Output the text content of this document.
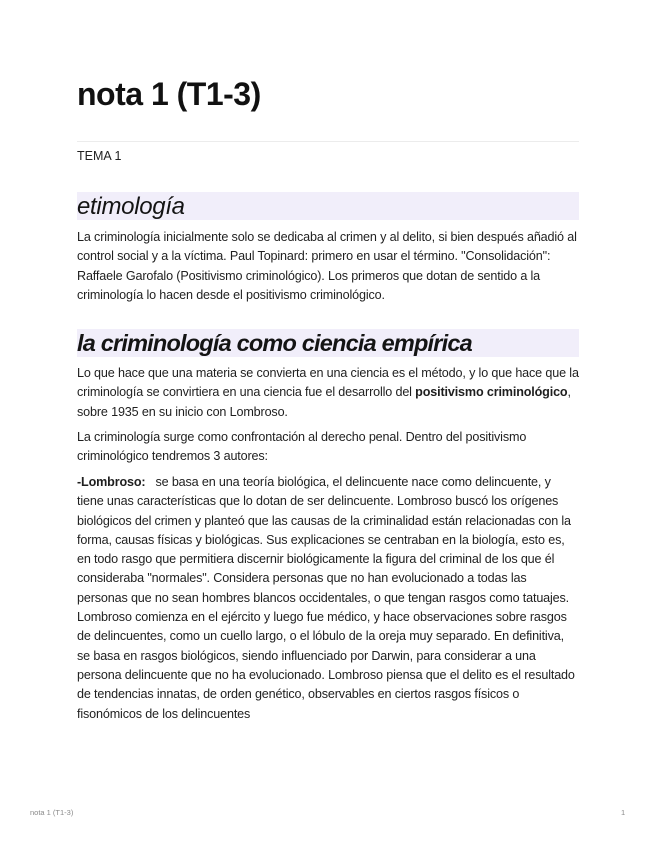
nota 1 (T1-3)
TEMA 1
etimología

La criminología inicialmente solo se dedicaba al crimen y al delito, si bien después añadió al control social y a la víctima. Paul Topinard: primero en usar el término. "Consolidación": Raffaele Garofalo (Positivismo criminológico). Los primeros que dotan de sentido a la criminología lo hacen desde el positivismo criminológico.

la criminología como ciencia empírica

Lo que hace que una materia se convierta en una ciencia es el método, y lo que hace que la criminología se convirtiera en una ciencia fue el desarrollo del positivismo criminológico, sobre 1935 en su inicio con Lombroso.

La criminología surge como confrontación al derecho penal. Dentro del positivismo criminológico tendremos 3 autores:

-Lombroso: se basa en una teoría biológica, el delincuente nace como delincuente, y tiene unas características que lo dotan de ser delincuente. Lombroso buscó los orígenes biológicos del crimen y planteó que las causas de la criminalidad están relacionadas con la forma, causas físicas y biológicas. Sus explicaciones se centraban en la biología, esto es, en todo rasgo que permitiera discernir biológicamente la figura del criminal de los que él consideraba "normales". Considera personas que no han evolucionado a todas las personas que no sean hombres blancos occidentales, o que tengan rasgos como tatuajes. Lombroso comienza en el ejército y luego fue médico, y hace observaciones sobre rasgos de delincuentes, como un cuello largo, o el lóbulo de la oreja muy separado. En definitiva, se basa en rasgos biológicos, siendo influenciado por Darwin, para considerar a una persona delincuente que no ha evolucionado. Lombroso piensa que el delito es el resultado de tendencias innatas, de orden genético, observables en ciertos rasgos físicos o fisonómicos de los delincuentes

nota 1 (T1-3)	1
